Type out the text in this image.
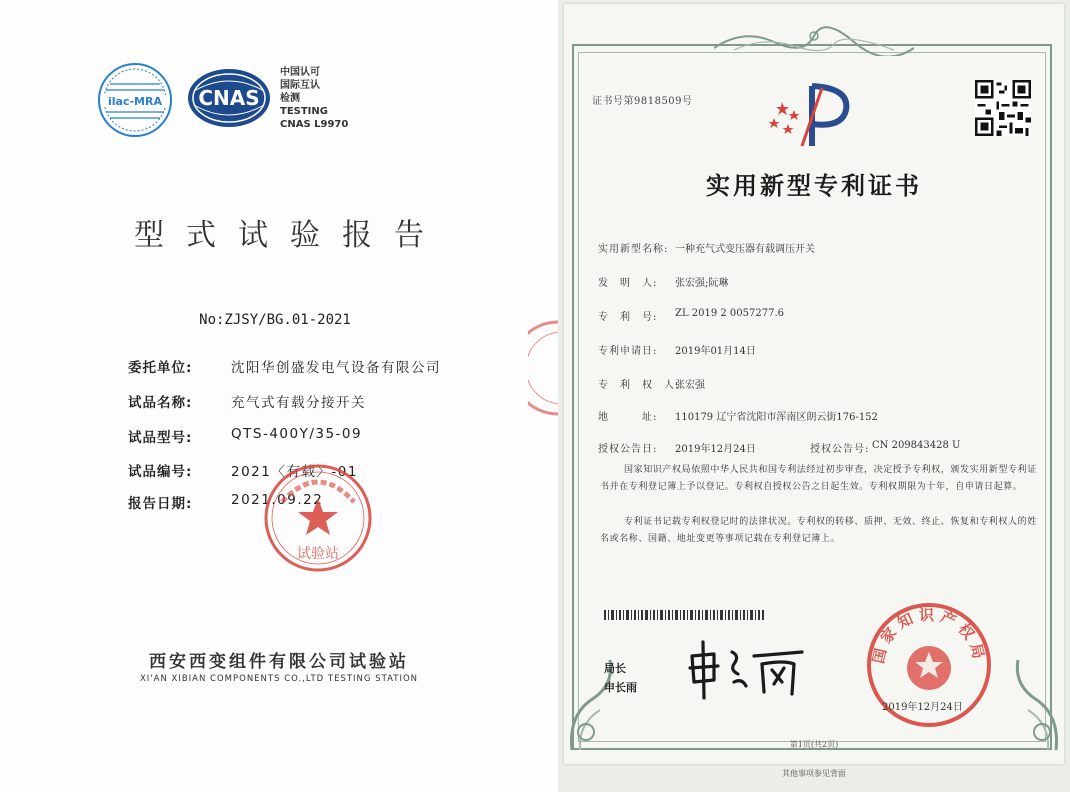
ilac-MRA CNAS
中国认可
国际互认
检测
TESTING
CNAS L9970
型式试验报告
No:ZJSY/BG.01-2021
委托单位:	沈阳华创盛发电气设备有限公司
试品名称:	充气式有载分接开关
试品型号:	QTS-400Y/35-09
试品编号:	2021〈有载〉-01
报告日期:	2021.09.22
试验站
西安西变组件有限公司试验站
XI'AN XIBIAN COMPONENTS CO.,LTD TESTING STATION
证书号第9818509号
实用新型专利证书
实用新型名称: 一种充气式变压器有载调压开关
发　明　人: 张宏强;阮琳
专　利　号: ZL 2019 2 0057277.6
专利申请日: 2019年01月14日
专　利　权　人:
张宏强
地　　　址: 110179 辽宁省沈阳市浑南区朗云街176-152
授权公告日: 2019年12月24日	授权公告号: CN 209843428 U
国家知识产权局依照中华人民共和国专利法经过初步审查，决定授予专利权，颁发实用新型专利证书并在专利登记簿上予以登记。专利权自授权公告之日起生效。专利权期限为十年，自申请日起算。
专利证书记载专利权登记时的法律状况。专利权的转移、质押、无效、终止、恢复和专利权人的姓名或名称、国籍、地址变更等事项记载在专利登记簿上。
局长
申长雨
国家知识产权局
2019年12月24日
第1页(共2页)
其他事项参见背面
